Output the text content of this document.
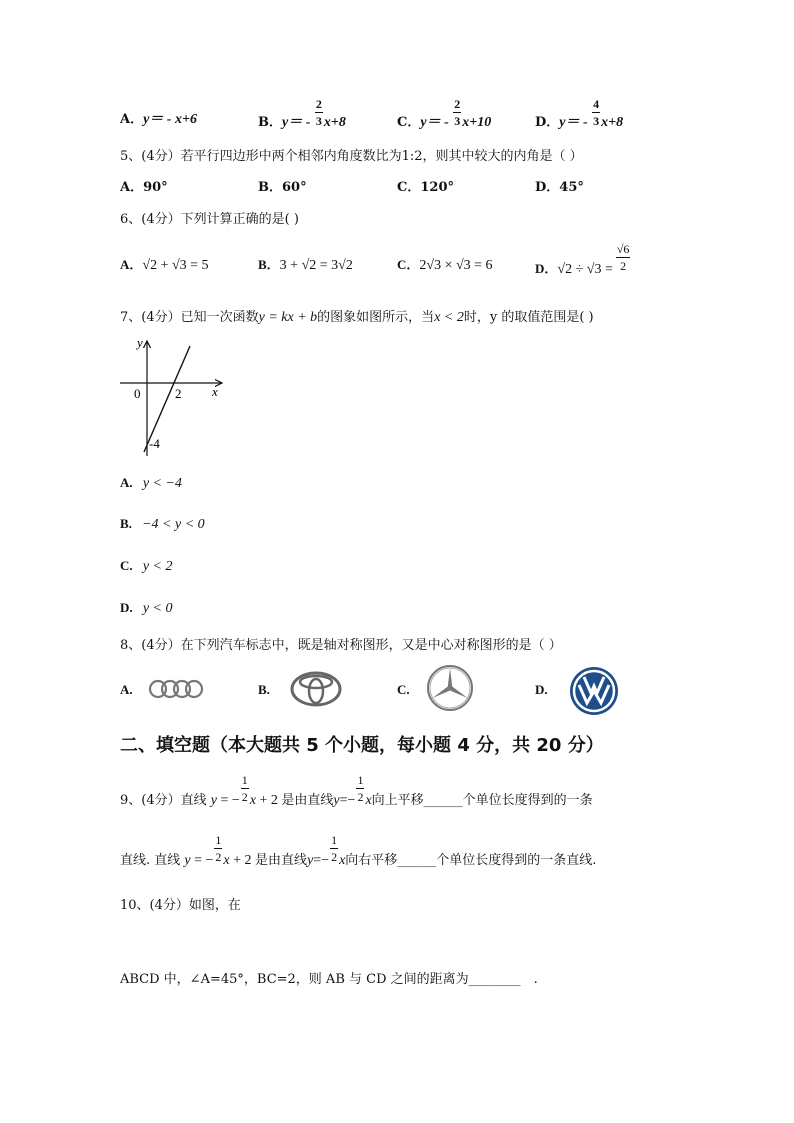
A．y＝ - x+6	B．$y= - \frac{2}{3} x+8$	C．$y= - \frac{2}{3} x+10$	D．$y= - \frac{4}{3} x+8$
5、(4分）若平行四边形中两个相邻内角度数比为1:2，则其中较大的内角是（ ）
A．90°	B．60°	C．120°	D．45°
6、(4分）下列计算正确的是( )
A．√2 + √3 = 5	B．3 + √2 = 3√2	C．2√3 × √3 = 6	$_{D.}√2 \div √3 = \frac{√6}{2}$
7、(4分）已知一次函数y = kx + b的图象如图所示，当x < 2时，y 的取值范围是( )
y
x
0	2
-4
A. y < −4
B. −4 < y < 0
C. y < 2
D. y < 0
8、(4分）在下列汽车标志中，既是轴对称图形，又是中心对称图形的是（ ）
A.	B.	C.	D.
二、填空题（本大题共 5 个小题，每小题 4 分，共 20 分）
9、(4分）直线 y = − $\frac{1}{2}$ x + 2 是由直线$y=- \frac{1}{2}$ x向上平移______个单位长度得到的一条
直线. 直线 y = − $\frac{1}{2}$ x + 2 是由直线$y=- \frac{1}{2}$ x向右平移______个单位长度得到的一条直线.
10、(4分）如图，在
ABCD 中，∠A=45°，BC=2，则 AB 与 CD 之间的距离为________　.
